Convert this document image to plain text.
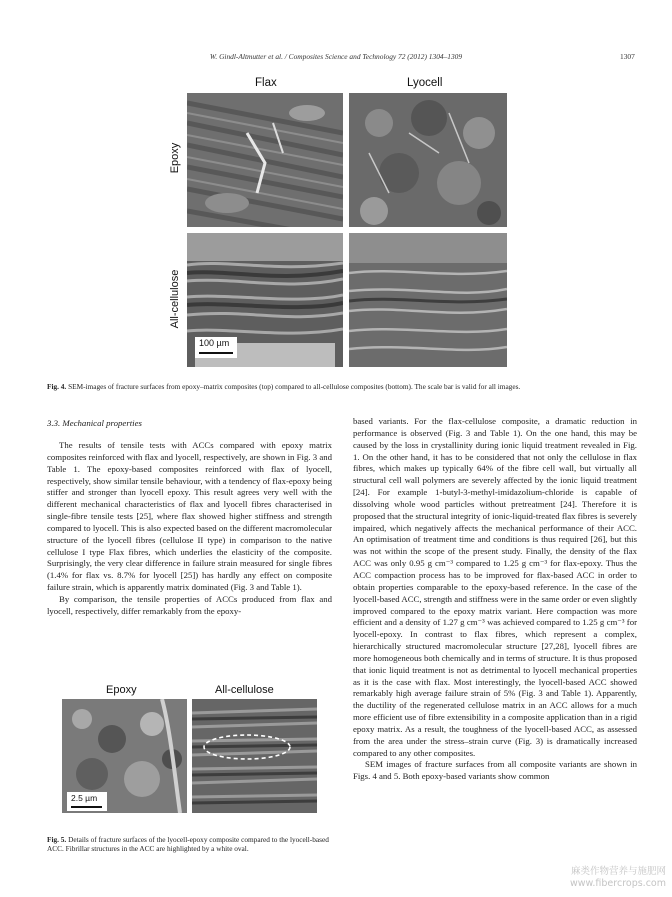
W. Gindl-Altmutter et al. / Composites Science and Technology 72 (2012) 1304–1309	1307
Flax	Lyocell
Epoxy
All-cellulose
100 µm
Fig. 4. SEM-images of fracture surfaces from epoxy–matrix composites (top) compared to all-cellulose composites (bottom). The scale bar is valid for all images.
3.3. Mechanical properties

The results of tensile tests with ACCs compared with epoxy matrix composites reinforced with flax and lyocell, respectively, are shown in Fig. 3 and Table 1. The epoxy-based composites reinforced with flax of lyocell, respectively, show similar tensile behaviour, with a tendency of flax-epoxy being stiffer and stronger than lyocell epoxy. This result agrees very well with the different mechanical characteristics of flax and lyocell fibres characterised in single-fibre tensile tests [25], where flax showed higher stiffness and strength compared to lyocell. This is also expected based on the different macromolecular structure of the lyocell fibres (cellulose II type) in comparison to the native cellulose I type Flax fibres, which underlies the elasticity of the composite. Surprisingly, the very clear difference in failure strain measured for single fibres (1.4% for flax vs. 8.7% for lyocell [25]) has hardly any effect on composite failure strain, which is apparently matrix dominated (Fig. 3 and Table 1).

By comparison, the tensile properties of ACCs produced from flax and lyocell, respectively, differ remarkably from the epoxy-

Epoxy	All-cellulose
2.5 µm
Fig. 5. Details of fracture surfaces of the lyocell-epoxy composite compared to the lyocell-based ACC. Fibrillar structures in the ACC are highlighted by a white oval.

based variants. For the flax-cellulose composite, a dramatic reduction in performance is observed (Fig. 3 and Table 1). On the one hand, this may be caused by the loss in crystallinity during ionic liquid treatment revealed in Fig. 1. On the other hand, it has to be considered that not only the cellulose in flax fibres, which makes up typically 64% of the fibre cell wall, but virtually all structural cell wall polymers are severely affected by the ionic liquid treatment [24]. For example 1-butyl-3-methyl-imidazolium-chloride is capable of dissolving whole wood particles without pretreatment [24]. Therefore it is proposed that the structural integrity of ionic-liquid-treated flax fibres is severely impaired, which negatively affects the mechanical performance of their ACC. An optimisation of treatment time and conditions is thus required [26], but this was not within the scope of the present study. Finally, the density of the flax ACC was only 0.95 g cm⁻³ compared to 1.25 g cm⁻³ for flax-epoxy. Thus the ACC compaction process has to be improved for flax-based ACC in order to obtain properties comparable to the epoxy-based reference. In the case of the lyocell-based ACC, strength and stiffness were in the same order or even slightly improved compared to the epoxy matrix variant. Here compaction was more efficient and a density of 1.27 g cm⁻³ was achieved compared to 1.25 g cm⁻³ for lyocell-epoxy. In contrast to flax fibres, which represent a complex, hierarchically structured macromolecular structure [27,28], lyocell fibres are more homogeneous both chemically and in terms of structure. It is thus proposed that ionic liquid treatment is not as detrimental to lyocell mechanical properties as it is the case with flax. Most interestingly, the lyocell-based ACC showed remarkably high average failure strain of 5% (Fig. 3 and Table 1). Apparently, the ductility of the regenerated cellulose matrix in an ACC allows for a much more efficient use of fibre extensibility in a composite application than in a rigid epoxy matrix. As a result, the toughness of the lyocell-based ACC, as assessed from the area under the stress–strain curve (Fig. 3) is dramatically increased compared to any other composites.

SEM images of fracture surfaces from all composite variants are shown in Figs. 4 and 5. Both epoxy-based variants show common

麻类作物营养与施肥网
www.fibercrops.com
